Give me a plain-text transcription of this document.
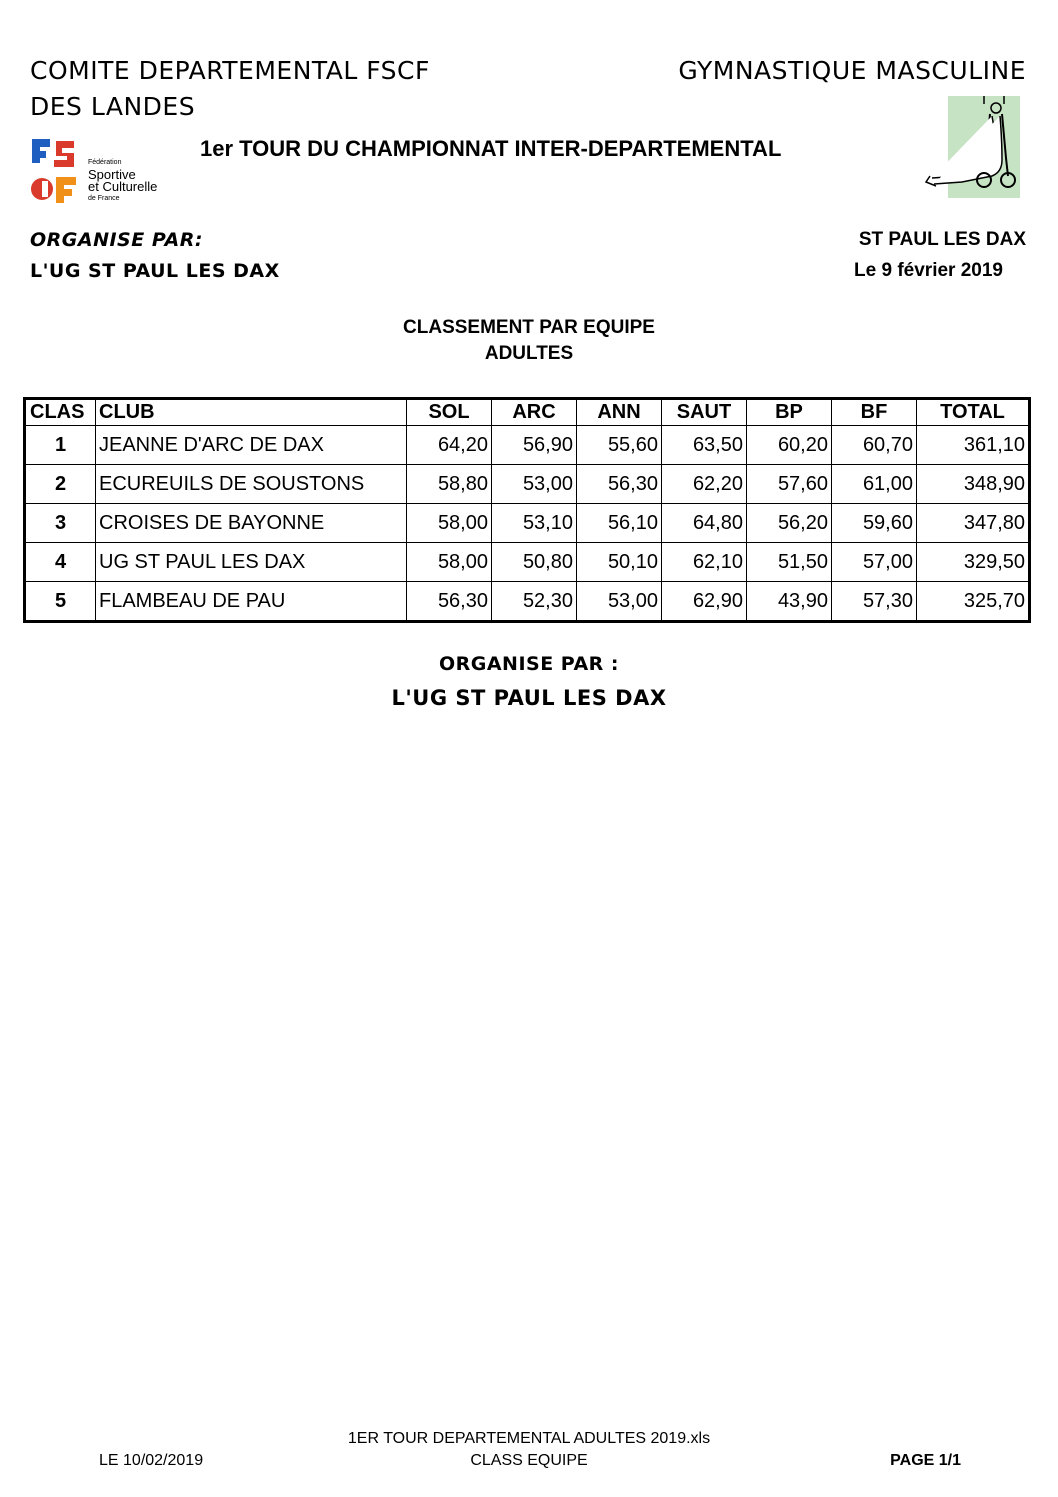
COMITE DEPARTEMENTAL FSCF
DES LANDES
GYMNASTIQUE MASCULINE
Fédération
Sportive
et Culturelle
de France
1er TOUR DU CHAMPIONNAT INTER-DEPARTEMENTAL
ORGANISE PAR:
L'UG ST PAUL LES DAX
ST PAUL LES DAX
Le 9 février 2019
CLASSEMENT PAR EQUIPE
ADULTES
CLAS	CLUB	SOL	ARC	ANN	SAUT	BP	BF	TOTAL
1	JEANNE D'ARC DE DAX	64,20	56,90	55,60	63,50	60,20	60,70	361,10
2	ECUREUILS DE SOUSTONS	58,80	53,00	56,30	62,20	57,60	61,00	348,90
3	CROISES DE BAYONNE	58,00	53,10	56,10	64,80	56,20	59,60	347,80
4	UG ST PAUL LES DAX	58,00	50,80	50,10	62,10	51,50	57,00	329,50
5	FLAMBEAU DE PAU	56,30	52,30	53,00	62,90	43,90	57,30	325,70
ORGANISE PAR :
L'UG ST PAUL LES DAX
1ER TOUR DEPARTEMENTAL ADULTES 2019.xls
CLASS EQUIPE
LE 10/02/2019	PAGE 1/1
